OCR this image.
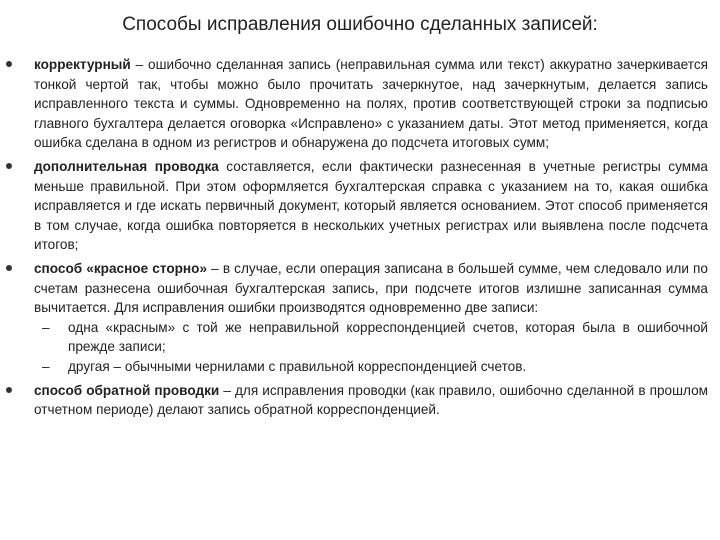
Способы исправления ошибочно сделанных записей:
корректурный – ошибочно сделанная запись (неправильная сумма или текст) аккуратно зачеркивается тонкой чертой так, чтобы можно было прочитать зачеркнутое, над зачеркнутым, делается запись исправленного текста и суммы. Одновременно на полях, против соответствующей строки за подписью главного бухгалтера делается оговорка «Исправлено» с указанием даты. Этот метод применяется, когда ошибка сделана в одном из регистров и обнаружена до подсчета итоговых сумм;
дополнительная проводка составляется, если фактически разнесенная в учетные регистры сумма меньше правильной. При этом оформляется бухгалтерская справка с указанием на то, какая ошибка исправляется и где искать первичный документ, который является основанием. Этот способ применяется в том случае, когда ошибка повторяется в нескольких учетных регистрах или выявлена после подсчета итогов;
способ «красное сторно» – в случае, если операция записана в большей сумме, чем следовало или по счетам разнесена ошибочная бухгалтерская запись, при подсчете итогов излишне записанная сумма вычитается. Для исправления ошибки производятся одновременно две записи:
– одна «красным» с той же неправильной корреспонденцией счетов, которая была в ошибочной прежде записи;
– другая – обычными чернилами с правильной корреспонденцией счетов.
способ обратной проводки – для исправления проводки (как правило, ошибочно сделанной в прошлом отчетном периоде) делают запись обратной корреспонденцией.
